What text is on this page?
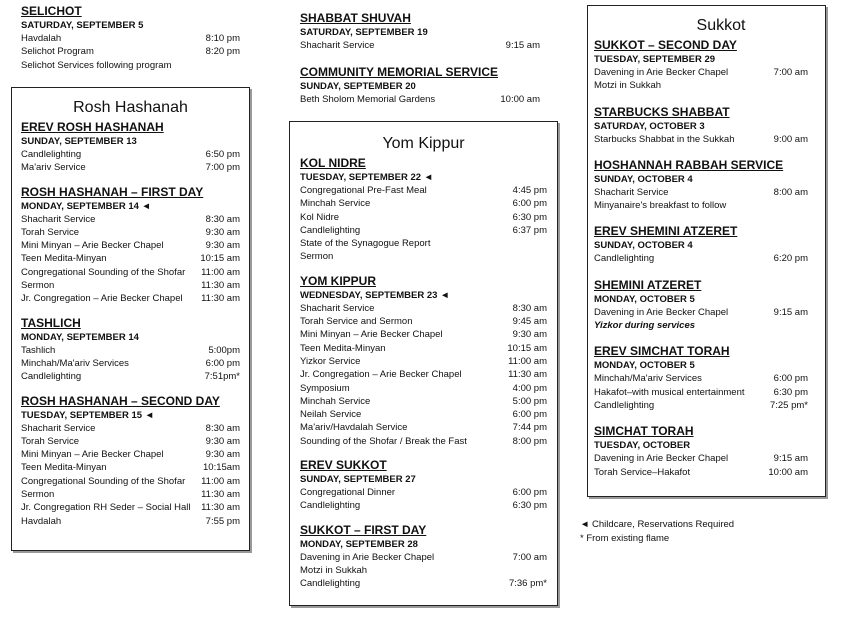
SELICHOT
SATURDAY, SEPTEMBER 5
Havdalah	8:10 pm
Selichot Program	8:20 pm
Selichot Services following program
Rosh Hashanah
EREV ROSH HASHANAH
SUNDAY, SEPTEMBER 13
Candlelighting	6:50 pm
Ma'ariv Service	7:00 pm
ROSH HASHANAH – FIRST DAY
MONDAY, SEPTEMBER 14 ◄
Shacharit Service	8:30 am
Torah Service	9:30 am
Mini Minyan – Arie Becker Chapel	9:30 am
Teen Medita-Minyan	10:15 am
Congregational Sounding of the Shofar	11:00 am
Sermon	11:30 am
Jr. Congregation – Arie Becker Chapel	11:30 am
TASHLICH
MONDAY, SEPTEMBER 14
Tashlich	5:00pm
Minchah/Ma'ariv Services	6:00 pm
Candlelighting	7:51pm*
ROSH HASHANAH – SECOND DAY
TUESDAY, SEPTEMBER 15 ◄
Shacharit Service	8:30 am
Torah Service	9:30 am
Mini Minyan – Arie Becker Chapel	9:30 am
Teen Medita-Minyan	10:15am
Congregational Sounding of the Shofar	11:00 am
Sermon	11:30 am
Jr. Congregation RH Seder – Social Hall	11:30 am
Havdalah	7:55 pm
SHABBAT SHUVAH
SATURDAY, SEPTEMBER 19
Shacharit Service	9:15 am
COMMUNITY MEMORIAL SERVICE
SUNDAY, SEPTEMBER 20
Beth Sholom Memorial Gardens	10:00 am
Yom Kippur
KOL NIDRE
TUESDAY, SEPTEMBER 22 ◄
Congregational Pre-Fast Meal	4:45 pm
Minchah Service	6:00 pm
Kol Nidre	6:30 pm
Candlelighting	6:37 pm
State of the Synagogue Report
Sermon
YOM KIPPUR
WEDNESDAY, SEPTEMBER 23 ◄
Shacharit Service	8:30 am
Torah Service and Sermon	9:45 am
Mini Minyan – Arie Becker Chapel	9:30 am
Teen Medita-Minyan	10:15 am
Yizkor Service	11:00 am
Jr. Congregation – Arie Becker Chapel	11:30 am
Symposium	4:00 pm
Minchah Service	5:00 pm
Neilah Service	6:00 pm
Ma'ariv/Havdalah Service	7:44 pm
Sounding of the Shofar / Break the Fast	8:00 pm
EREV SUKKOT
SUNDAY, SEPTEMBER 27
Congregational Dinner	6:00 pm
Candlelighting	6:30 pm
SUKKOT – FIRST DAY
MONDAY, SEPTEMBER 28
Davening in Arie Becker Chapel	7:00 am
Motzi in Sukkah
Candlelighting	7:36 pm*
Sukkot
SUKKOT – SECOND DAY
TUESDAY, SEPTEMBER 29
Davening in Arie Becker Chapel	7:00 am
Motzi in Sukkah
STARBUCKS SHABBAT
SATURDAY, OCTOBER 3
Starbucks Shabbat in the Sukkah	9:00 am
HOSHANNAH RABBAH SERVICE
SUNDAY, OCTOBER 4
Shacharit Service	8:00 am
Minyanaire's breakfast to follow
EREV SHEMINI ATZERET
SUNDAY, OCTOBER 4
Candlelighting	6:20 pm
SHEMINI ATZERET
MONDAY, OCTOBER 5
Davening in Arie Becker Chapel	9:15 am
Yizkor during services
EREV SIMCHAT TORAH
MONDAY, OCTOBER 5
Minchah/Ma'ariv Services	6:00 pm
Hakafot–with musical entertainment	6:30 pm
Candlelighting	7:25 pm*
SIMCHAT TORAH
TUESDAY, OCTOBER
Davening in Arie Becker Chapel	9:15 am
Torah Service–Hakafot	10:00 am
◄ Childcare, Reservations Required
* From existing flame
